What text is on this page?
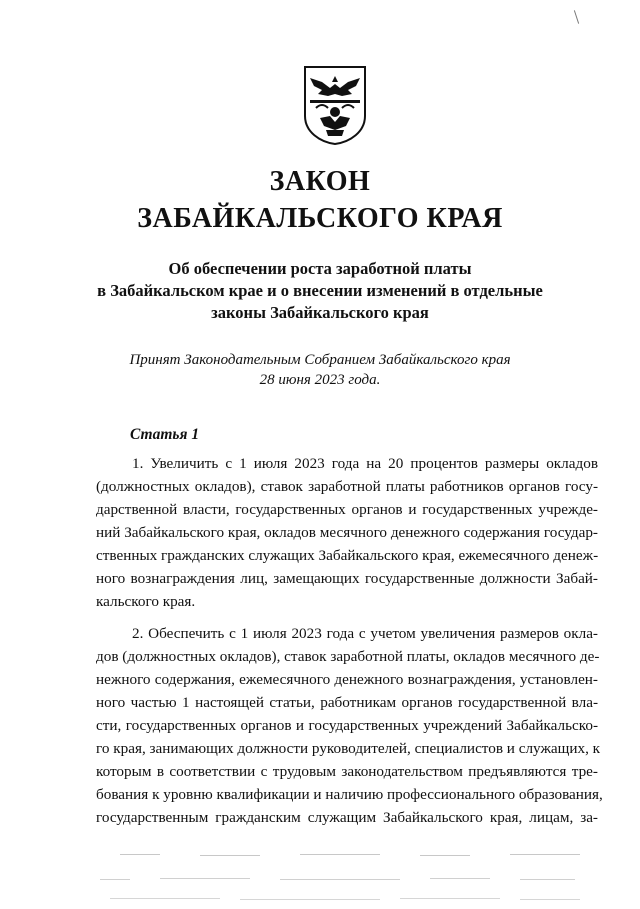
ЗАКОН
ЗАБАЙКАЛЬСКОГО КРАЯ
Об обеспечении роста заработной платы
в Забайкальском крае и о внесении изменений в отдельные
законы Забайкальского края
Принят Законодательным Собранием Забайкальского края
28 июня 2023 года.
Статья 1
1. Увеличить с 1 июля 2023 года на 20 процентов размеры окладов
(должностных окладов), ставок заработной платы работников органов госу-
дарственной власти, государственных органов и государственных учрежде-
ний Забайкальского края, окладов месячного денежного содержания государ-
ственных гражданских служащих Забайкальского края, ежемесячного денеж-
ного вознаграждения лиц, замещающих государственные должности Забай-
кальского края.
2. Обеспечить с 1 июля 2023 года с учетом увеличения размеров окла-
дов (должностных окладов), ставок заработной платы, окладов месячного де-
нежного содержания, ежемесячного денежного вознаграждения, установлен-
ного частью 1 настоящей статьи, работникам органов государственной вла-
сти, государственных органов и государственных учреждений Забайкальско-
го края, занимающих должности руководителей, специалистов и служащих, к
которым в соответствии с трудовым законодательством предъявляются тре-
бования к уровню квалификации и наличию профессионального образования,
государственным гражданским служащим Забайкальского края, лицам, за-
